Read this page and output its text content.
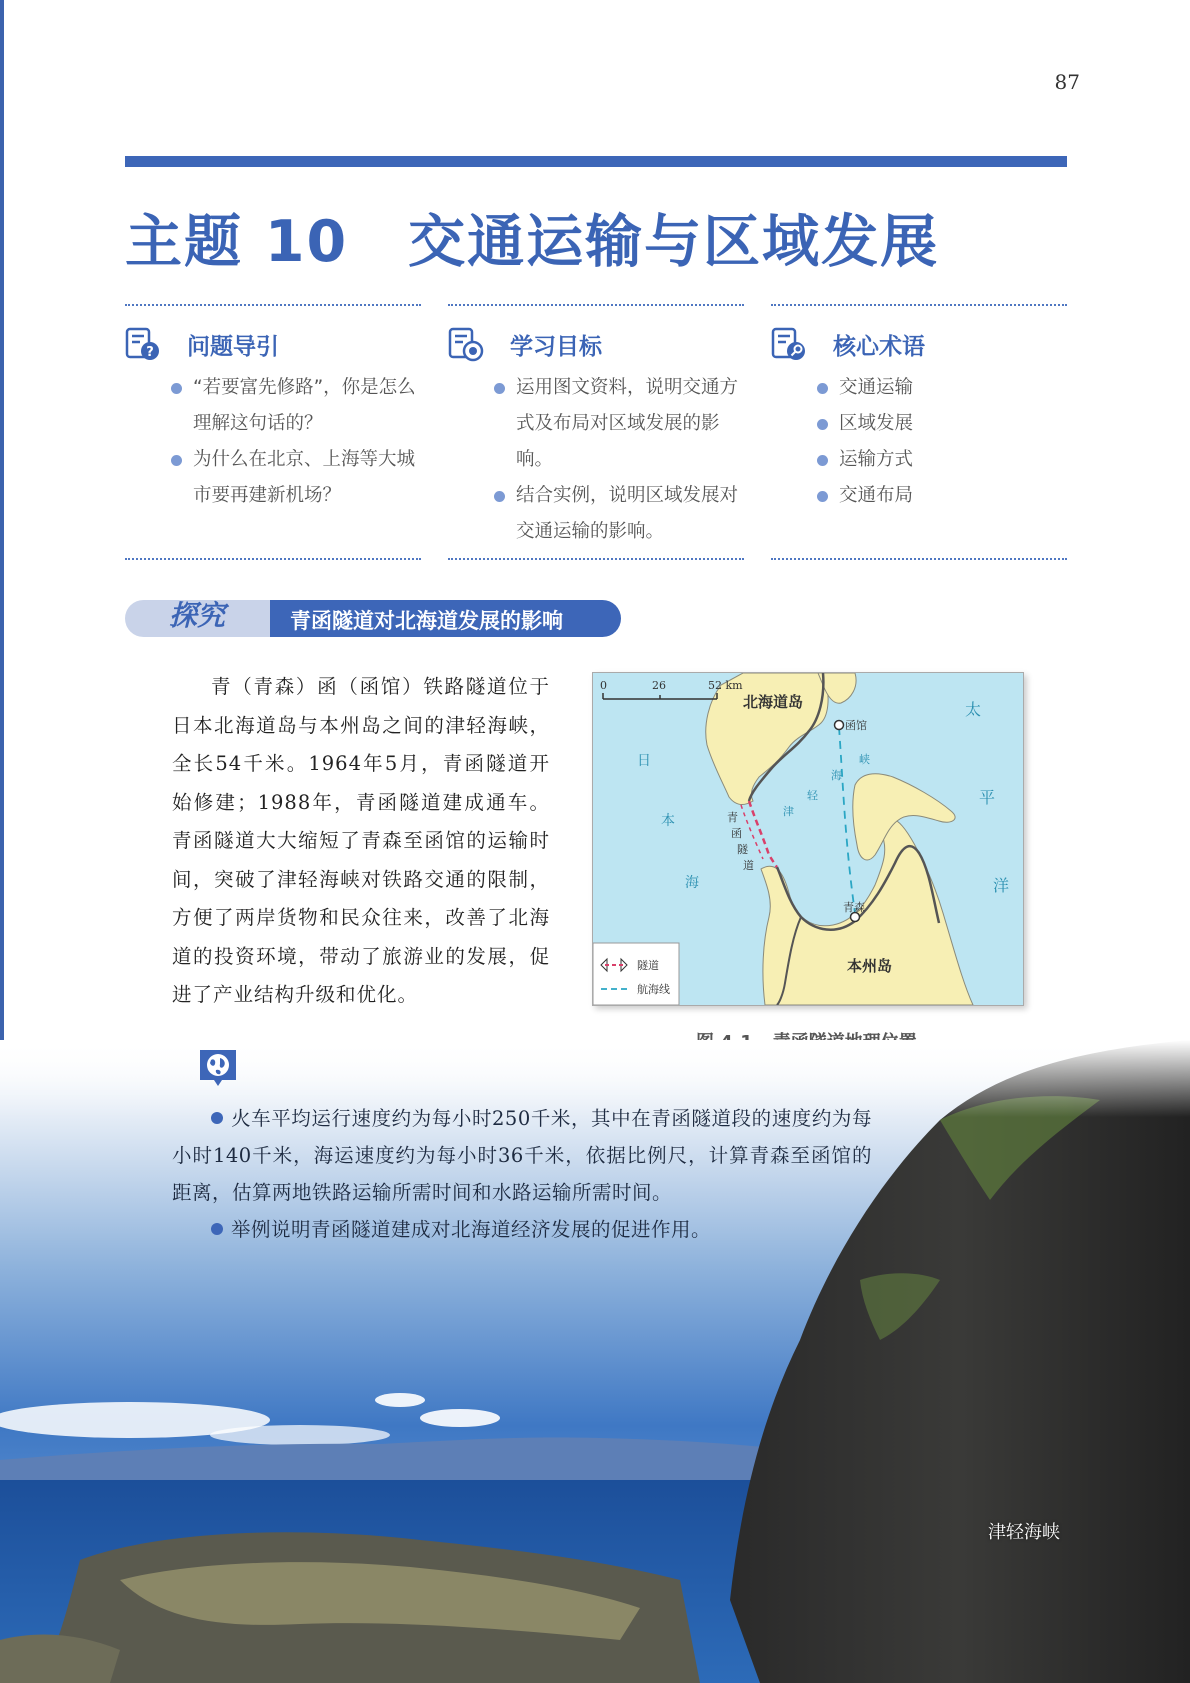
87
主题 10 交通运输与区域发展
? 问题导引
“若要富先修路”，你是怎么理解这句话的？
为什么在北京、上海等大城市要再建新机场？
学习目标
运用图文资料，说明交通方式及布局对区域发展的影响。
结合实例，说明区域发展对交通运输的影响。
核心术语
交通运输
区域发展
运输方式
交通布局
探究	青函隧道对北海道发展的影响
青（青森）函（函馆）铁路隧道位于日本北海道岛与本州岛之间的津轻海峡，全长54千米。1964年5月，青函隧道开始修建；1988年，青函隧道建成通车。青函隧道大大缩短了青森至函馆的运输时间，突破了津轻海峡对铁路交通的限制，方便了两岸货物和民众往来，改善了北海道的投资环境，带动了旅游业的发展，促进了产业结构升级和优化。
0	26	52 km
北海道岛
函馆
青森
本州岛
日
本
海
太
平
洋
津
轻
海
峡
青
函
隧
道
隧道
航海线

火车平均运行速度约为每小时250千米，其中在青函隧道段的速度约为每小时140千米，海运速度约为每小时36千米，依据比例尺，计算青森至函馆的距离，估算两地铁路运输所需时间和水路运输所需时间。

举例说明青函隧道建成对北海道经济发展的促进作用。

津轻海峡
